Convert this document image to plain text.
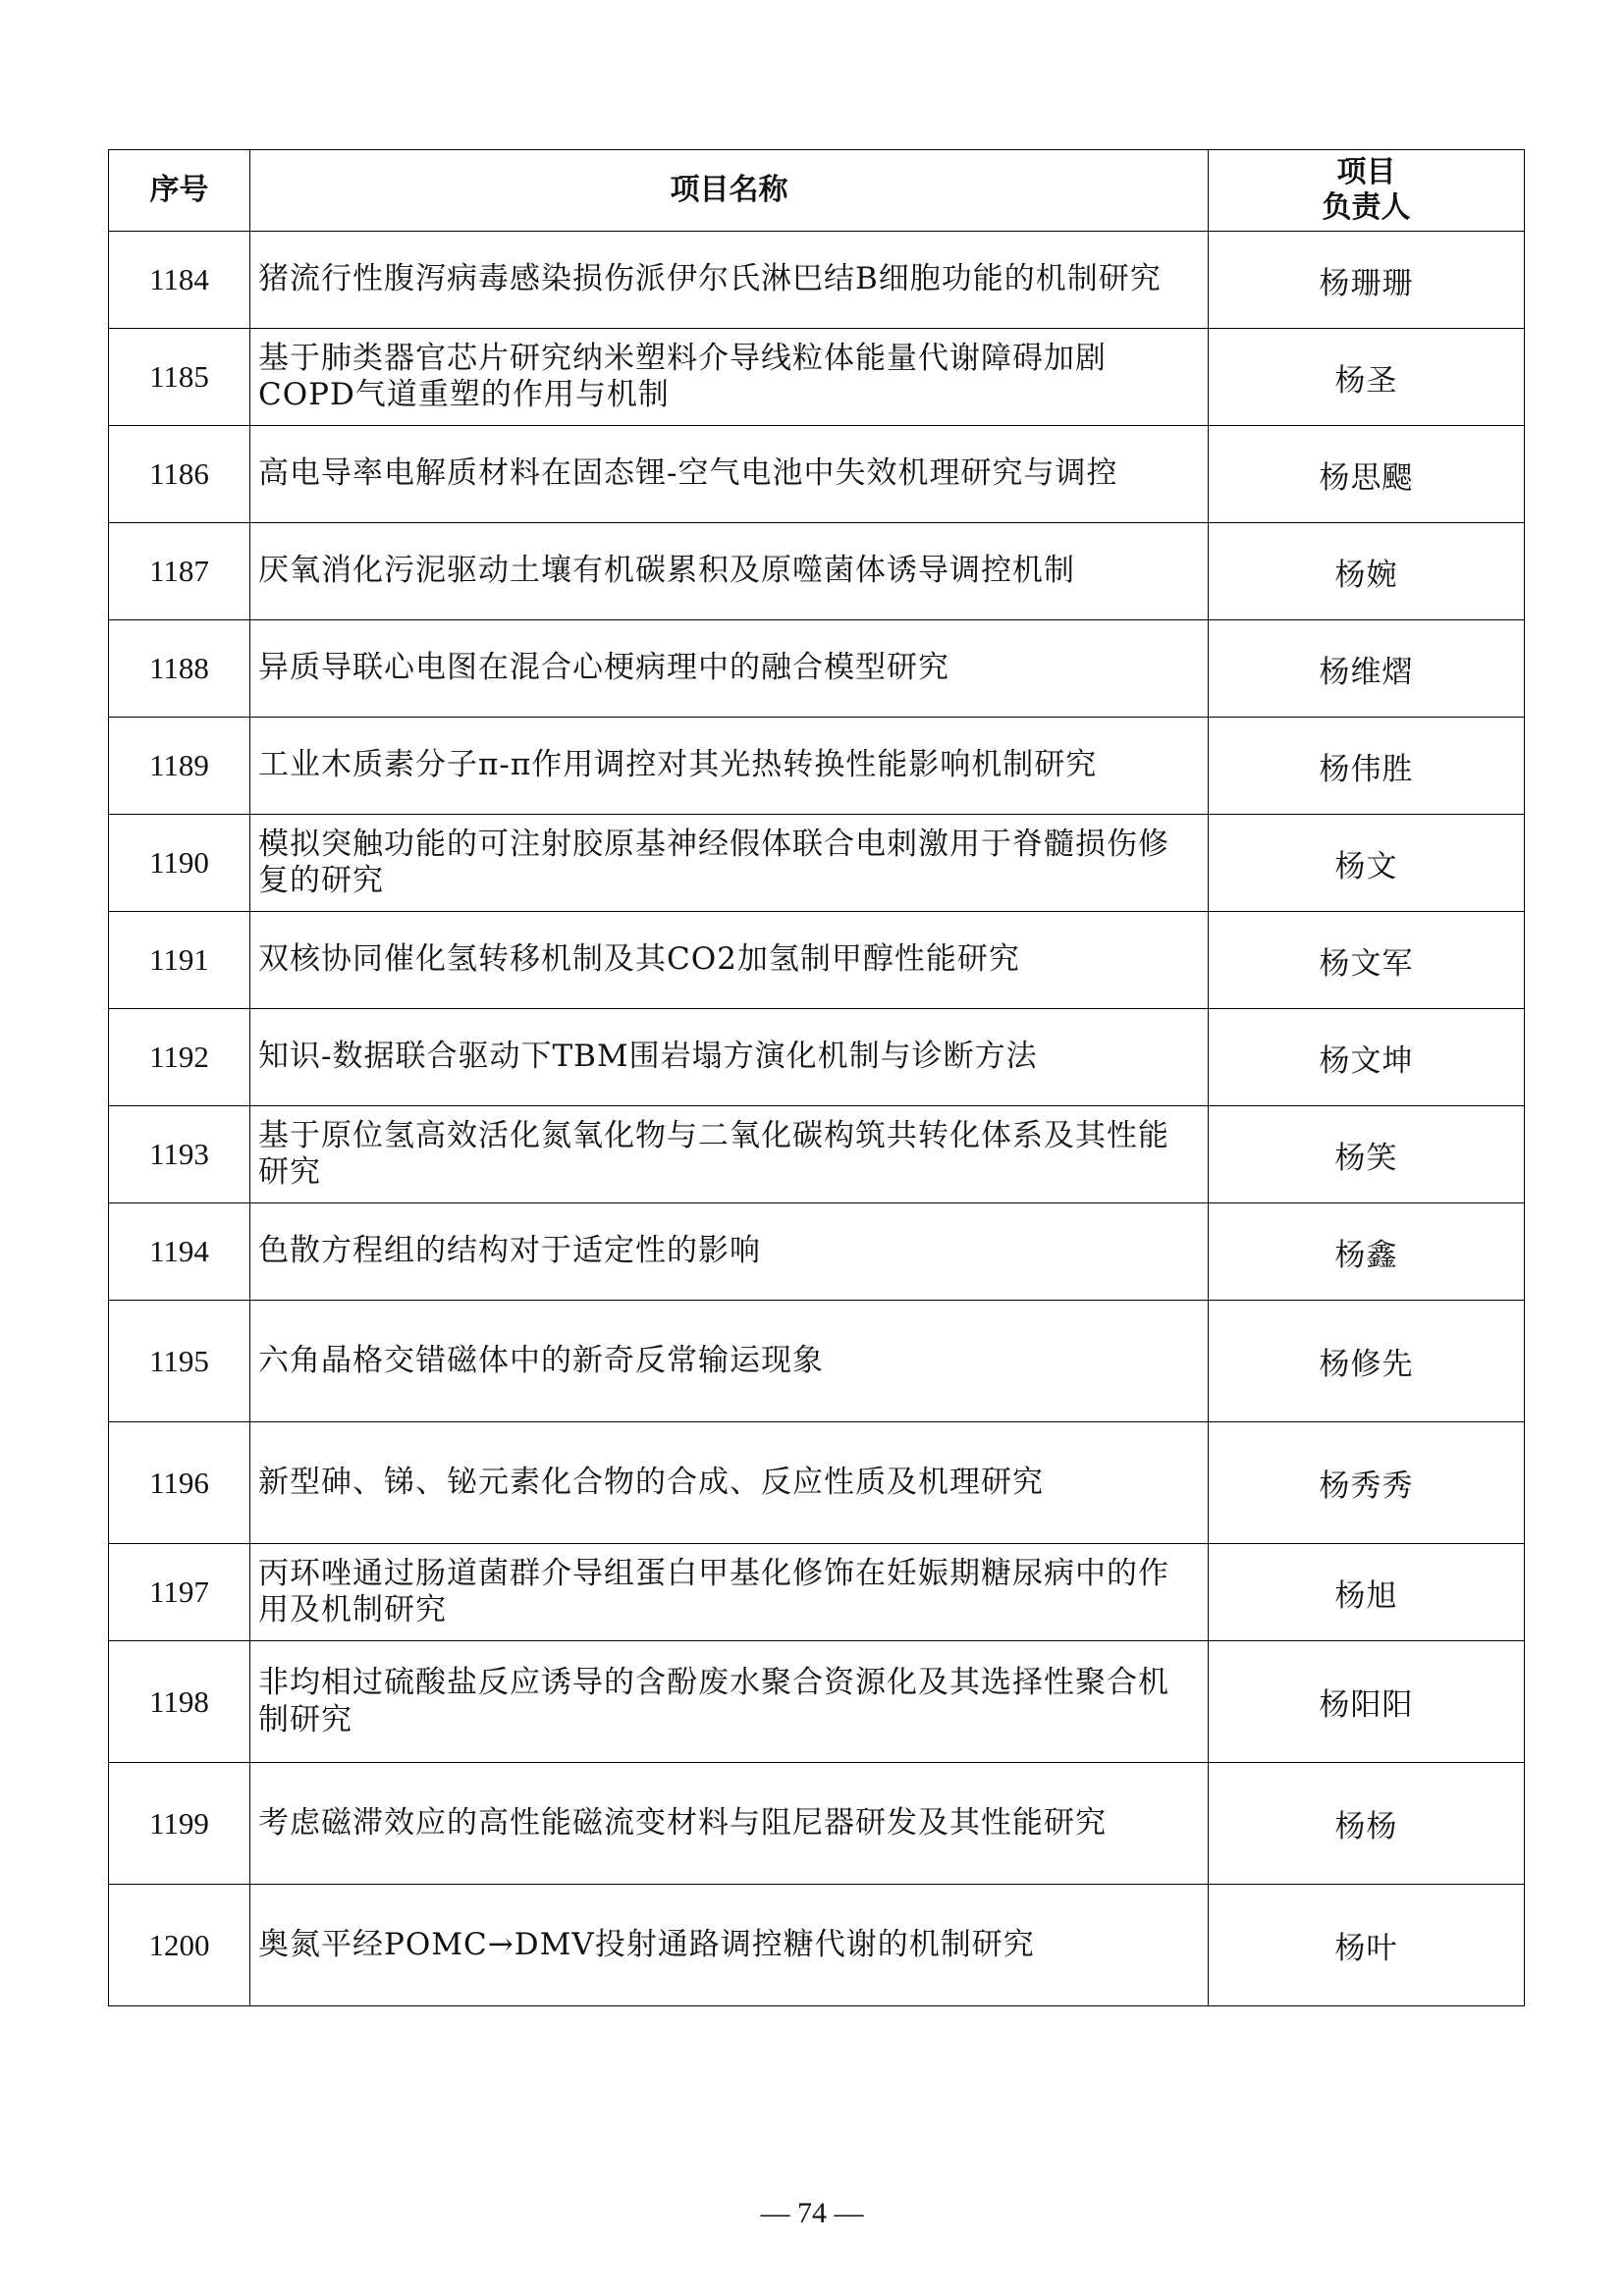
序号	项目名称	项目
负责人
1184	猪流行性腹泻病毒感染损伤派伊尔氏淋巴结B细胞功能的机制研究	杨珊珊
1185	基于肺类器官芯片研究纳米塑料介导线粒体能量代谢障碍加剧COPD气道重塑的作用与机制	杨圣
1186	高电导率电解质材料在固态锂-空气电池中失效机理研究与调控	杨思颸
1187	厌氧消化污泥驱动土壤有机碳累积及原噬菌体诱导调控机制	杨婉
1188	异质导联心电图在混合心梗病理中的融合模型研究	杨维熠
1189	工业木质素分子π-π作用调控对其光热转换性能影响机制研究	杨伟胜
1190	模拟突触功能的可注射胶原基神经假体联合电刺激用于脊髓损伤修复的研究	杨文
1191	双核协同催化氢转移机制及其CO2加氢制甲醇性能研究	杨文军
1192	知识-数据联合驱动下TBM围岩塌方演化机制与诊断方法	杨文坤
1193	基于原位氢高效活化氮氧化物与二氧化碳构筑共转化体系及其性能研究	杨笑
1194	色散方程组的结构对于适定性的影响	杨鑫
1195	六角晶格交错磁体中的新奇反常输运现象	杨修先
1196	新型砷、锑、铋元素化合物的合成、反应性质及机理研究	杨秀秀
1197	丙环唑通过肠道菌群介导组蛋白甲基化修饰在妊娠期糖尿病中的作用及机制研究	杨旭
1198	非均相过硫酸盐反应诱导的含酚废水聚合资源化及其选择性聚合机制研究	杨阳阳
1199	考虑磁滞效应的高性能磁流变材料与阻尼器研发及其性能研究	杨杨
1200	奥氮平经POMC→DMV投射通路调控糖代谢的机制研究	杨叶
— 74 —
